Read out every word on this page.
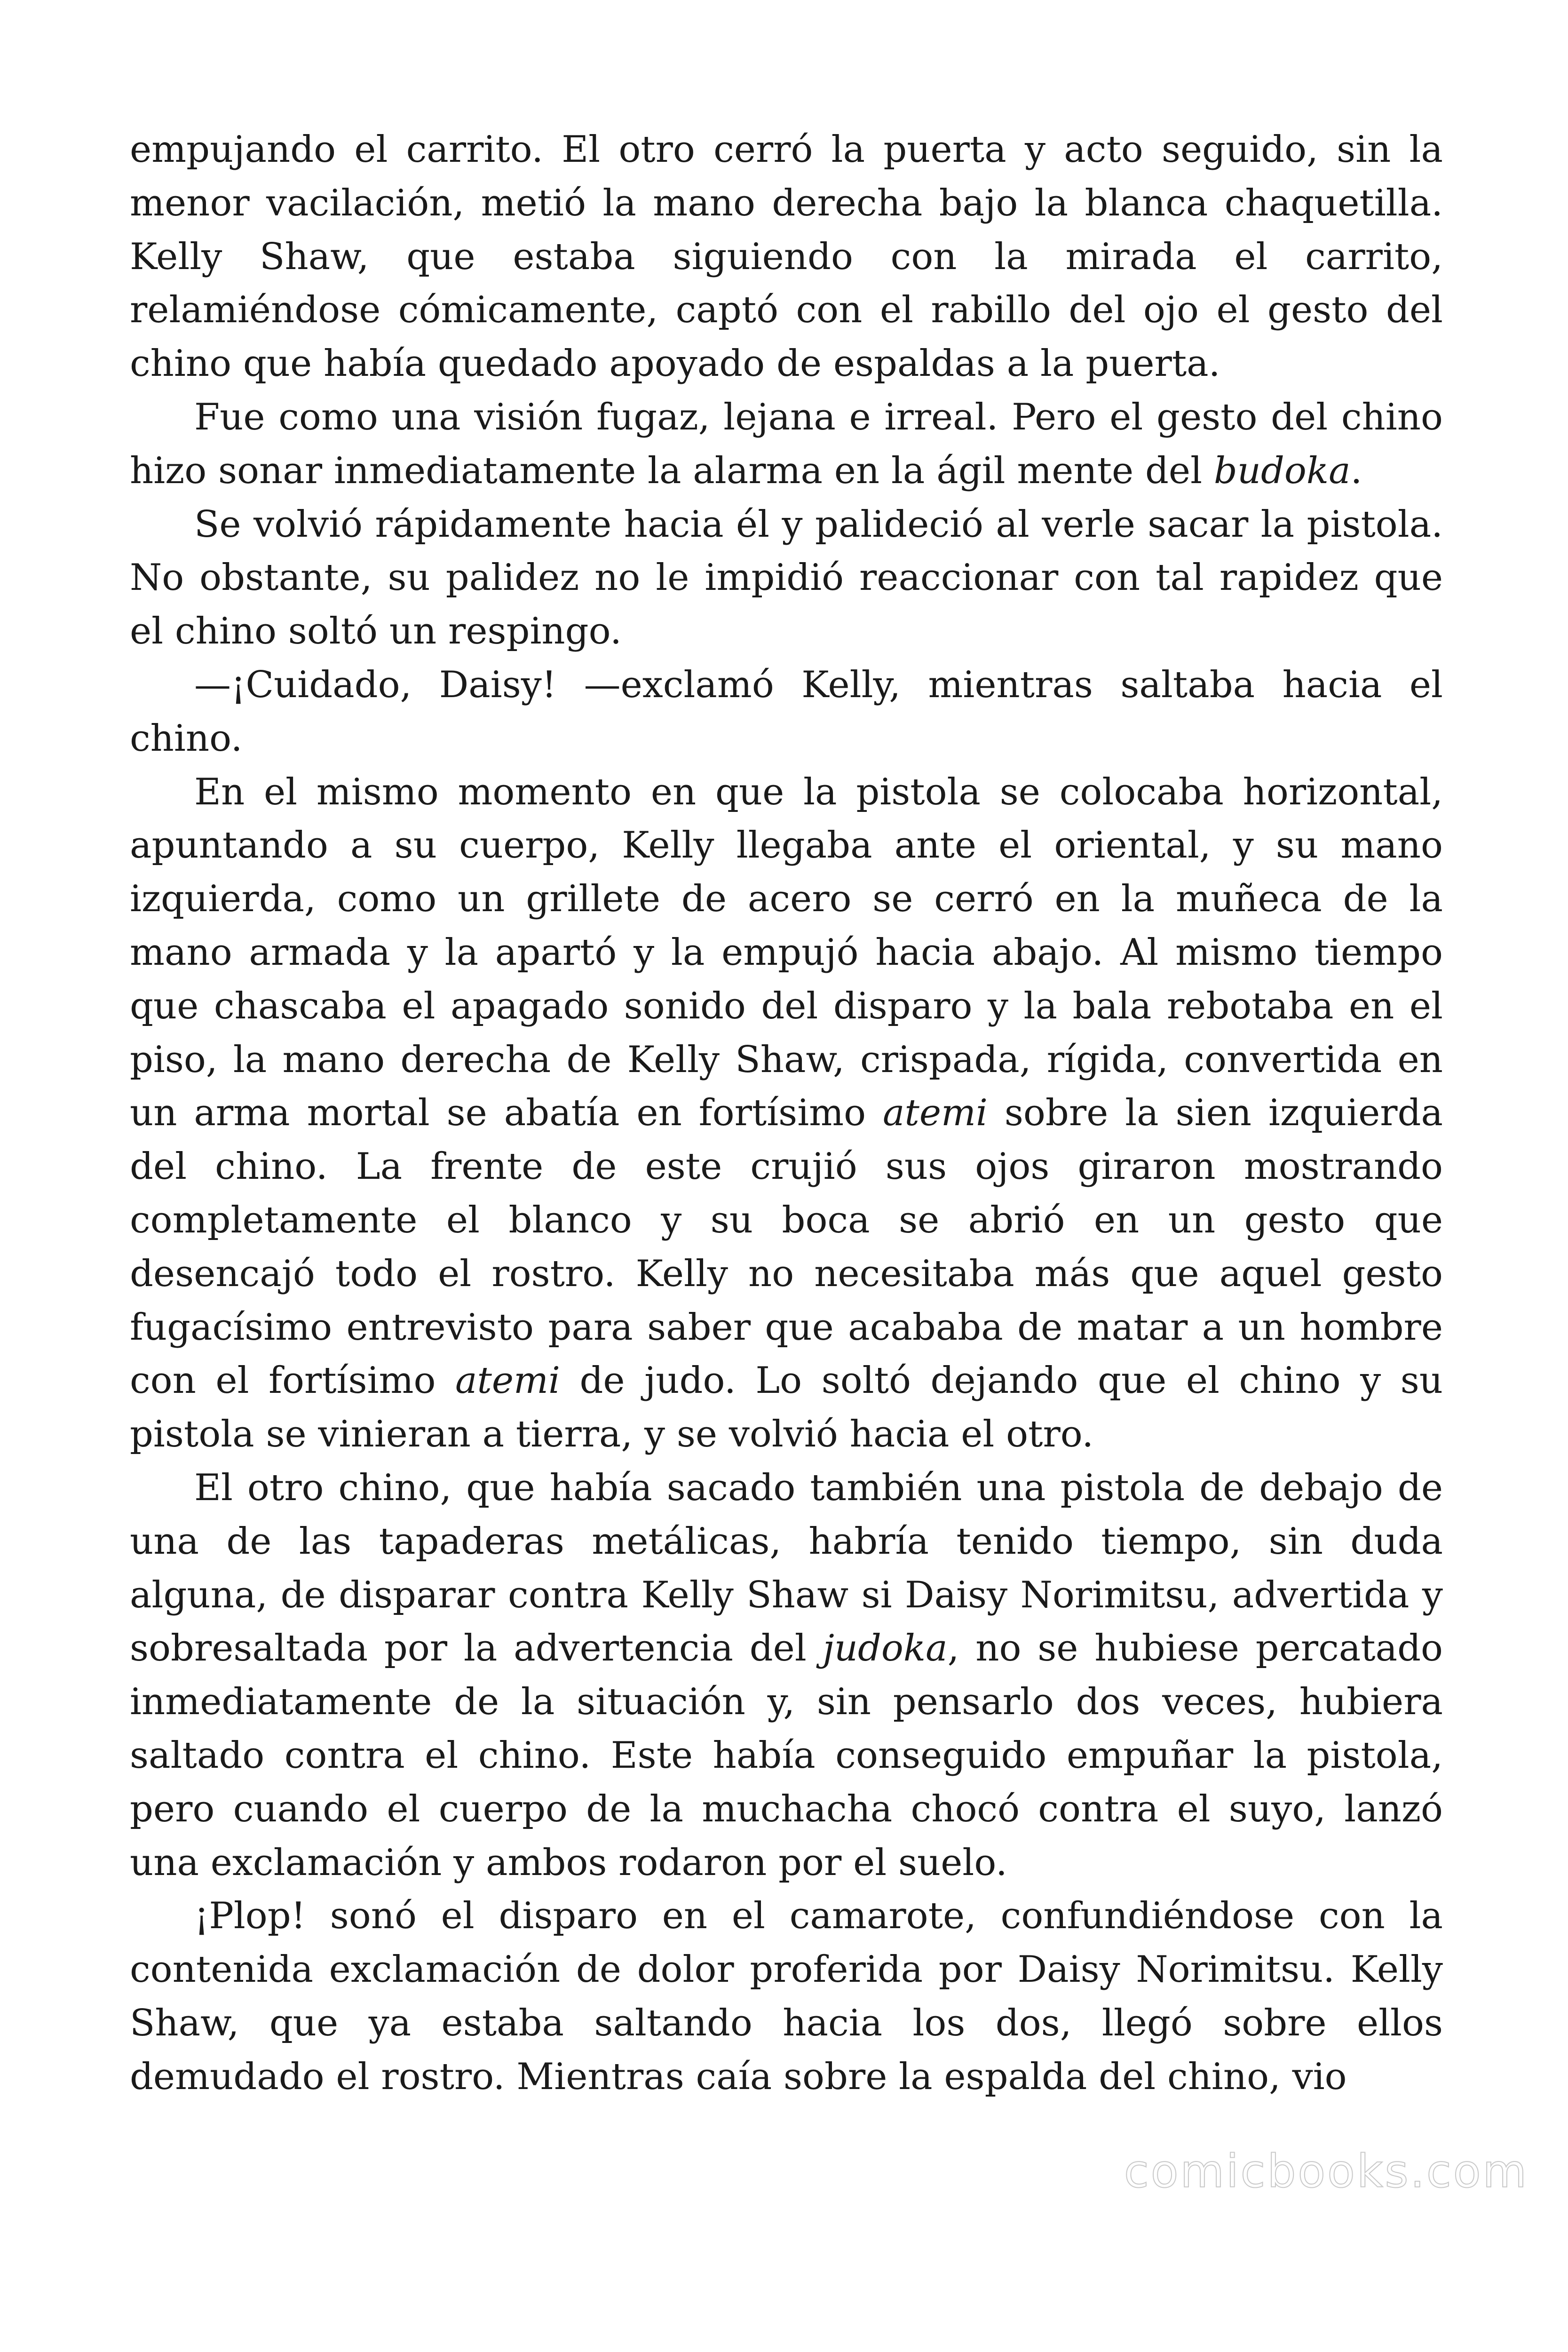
empujando el carrito. El otro cerró la puerta y acto seguido, sin la menor vacilación, metió la mano derecha bajo la blanca chaquetilla. Kelly Shaw, que estaba siguiendo con la mirada el carrito, relamiéndose cómicamente, captó con el rabillo del ojo el gesto del chino que había quedado apoyado de espaldas a la puerta.

Fue como una visión fugaz, lejana e irreal. Pero el gesto del chino hizo sonar inmediatamente la alarma en la ágil mente del budoka.

Se volvió rápidamente hacia él y palideció al verle sacar la pistola. No obstante, su palidez no le impidió reaccionar con tal rapidez que el chino soltó un respingo.

—¡Cuidado, Daisy! —exclamó Kelly, mientras saltaba hacia el chino.

En el mismo momento en que la pistola se colocaba horizontal, apuntando a su cuerpo, Kelly llegaba ante el oriental, y su mano izquierda, como un grillete de acero se cerró en la muñeca de la mano armada y la apartó y la empujó hacia abajo. Al mismo tiempo que chascaba el apagado sonido del disparo y la bala rebotaba en el piso, la mano derecha de Kelly Shaw, crispada, rígida, convertida en un arma mortal se abatía en fortísimo atemi sobre la sien izquierda del chino. La frente de este crujió sus ojos giraron mostrando completamente el blanco y su boca se abrió en un gesto que desencajó todo el rostro. Kelly no necesitaba más que aquel gesto fugacísimo entrevisto para saber que acababa de matar a un hombre con el fortísimo atemi de judo. Lo soltó dejando que el chino y su pistola se vinieran a tierra, y se volvió hacia el otro.

El otro chino, que había sacado también una pistola de debajo de una de las tapaderas metálicas, habría tenido tiempo, sin duda alguna, de disparar contra Kelly Shaw si Daisy Norimitsu, advertida y sobresaltada por la advertencia del judoka, no se hubiese percatado inmediatamente de la situación y, sin pensarlo dos veces, hubiera saltado contra el chino. Este había conseguido empuñar la pistola, pero cuando el cuerpo de la muchacha chocó contra el suyo, lanzó una exclamación y ambos rodaron por el suelo.

¡Plop! sonó el disparo en el camarote, confundiéndose con la contenida exclamación de dolor proferida por Daisy Norimitsu. Kelly Shaw, que ya estaba saltando hacia los dos, llegó sobre ellos demudado el rostro. Mientras caía sobre la espalda del chino, vio

comicbooks.com
